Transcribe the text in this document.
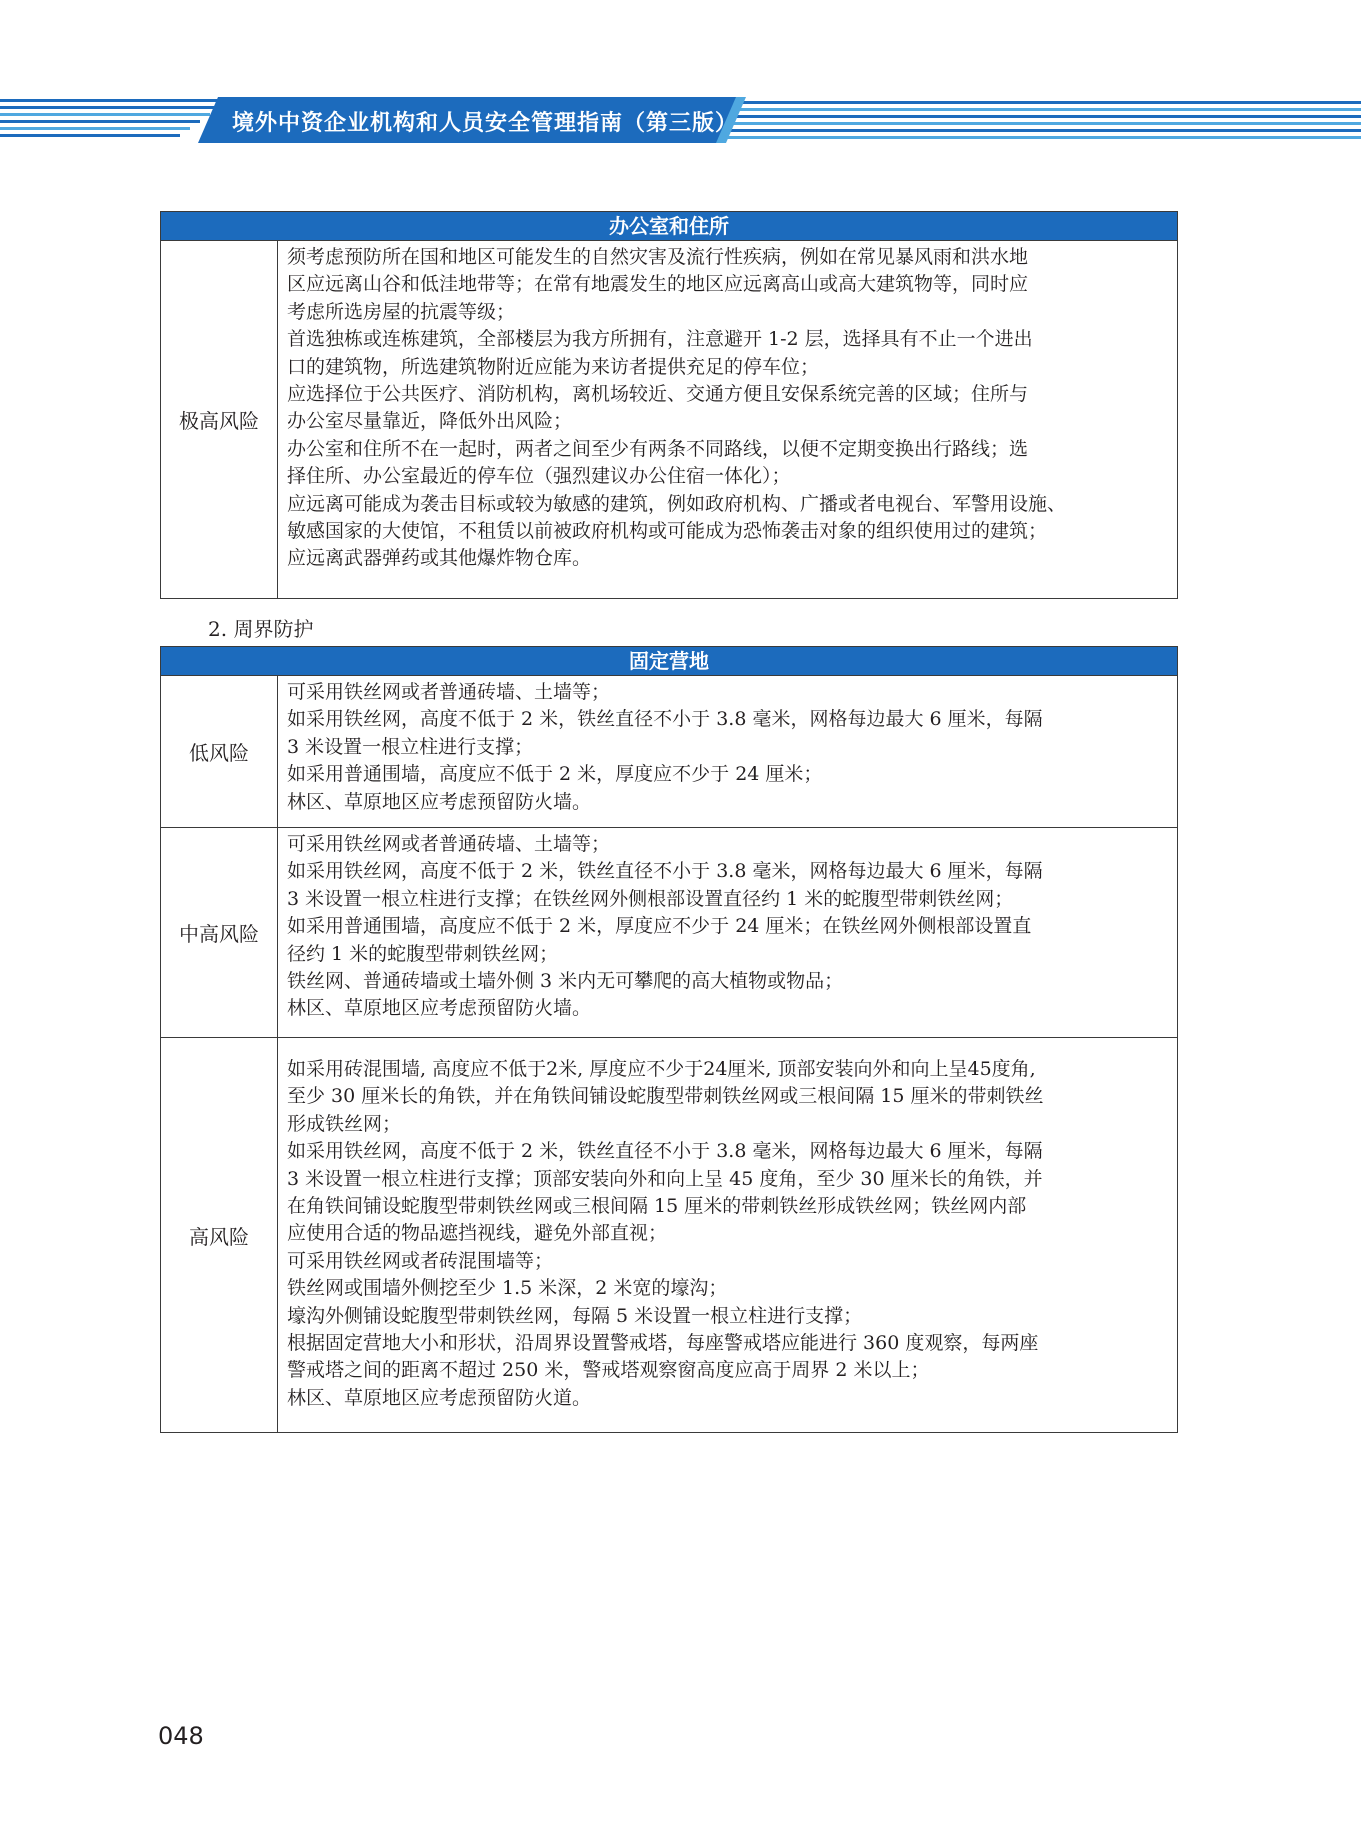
境外中资企业机构和人员安全管理指南（第三版）
办公室和住所
极高风险
须考虑预防所在国和地区可能发生的自然灾害及流行性疾病，例如在常见暴风雨和洪水地
区应远离山谷和低洼地带等；在常有地震发生的地区应远离高山或高大建筑物等，同时应
考虑所选房屋的抗震等级；
首选独栋或连栋建筑，全部楼层为我方所拥有，注意避开 1-2 层，选择具有不止一个进出
口的建筑物，所选建筑物附近应能为来访者提供充足的停车位；
应选择位于公共医疗、消防机构，离机场较近、交通方便且安保系统完善的区域；住所与
办公室尽量靠近，降低外出风险；
办公室和住所不在一起时，两者之间至少有两条不同路线，以便不定期变换出行路线；选
择住所、办公室最近的停车位（强烈建议办公住宿一体化）；
应远离可能成为袭击目标或较为敏感的建筑，例如政府机构、广播或者电视台、军警用设施、
敏感国家的大使馆，不租赁以前被政府机构或可能成为恐怖袭击对象的组织使用过的建筑；
应远离武器弹药或其他爆炸物仓库。
2. 周界防护
固定营地
低风险
可采用铁丝网或者普通砖墙、土墙等；
如采用铁丝网，高度不低于 2 米，铁丝直径不小于 3.8 毫米，网格每边最大 6 厘米，每隔
3 米设置一根立柱进行支撑；
如采用普通围墙，高度应不低于 2 米，厚度应不少于 24 厘米；
林区、草原地区应考虑预留防火墙。
中高风险
可采用铁丝网或者普通砖墙、土墙等；
如采用铁丝网，高度不低于 2 米，铁丝直径不小于 3.8 毫米，网格每边最大 6 厘米，每隔
3 米设置一根立柱进行支撑；在铁丝网外侧根部设置直径约 1 米的蛇腹型带刺铁丝网；
如采用普通围墙，高度应不低于 2 米，厚度应不少于 24 厘米；在铁丝网外侧根部设置直
径约 1 米的蛇腹型带刺铁丝网；
铁丝网、普通砖墙或土墙外侧 3 米内无可攀爬的高大植物或物品；
林区、草原地区应考虑预留防火墙。
高风险
如采用砖混围墙, 高度应不低于2米, 厚度应不少于24厘米, 顶部安装向外和向上呈45度角,
至少 30 厘米长的角铁，并在角铁间铺设蛇腹型带刺铁丝网或三根间隔 15 厘米的带刺铁丝
形成铁丝网；
如采用铁丝网，高度不低于 2 米，铁丝直径不小于 3.8 毫米，网格每边最大 6 厘米，每隔
3 米设置一根立柱进行支撑；顶部安装向外和向上呈 45 度角，至少 30 厘米长的角铁，并
在角铁间铺设蛇腹型带刺铁丝网或三根间隔 15 厘米的带刺铁丝形成铁丝网；铁丝网内部
应使用合适的物品遮挡视线，避免外部直视；
可采用铁丝网或者砖混围墙等；
铁丝网或围墙外侧挖至少 1.5 米深，2 米宽的壕沟；
壕沟外侧铺设蛇腹型带刺铁丝网，每隔 5 米设置一根立柱进行支撑；
根据固定营地大小和形状，沿周界设置警戒塔，每座警戒塔应能进行 360 度观察，每两座
警戒塔之间的距离不超过 250 米，警戒塔观察窗高度应高于周界 2 米以上；
林区、草原地区应考虑预留防火道。
048
